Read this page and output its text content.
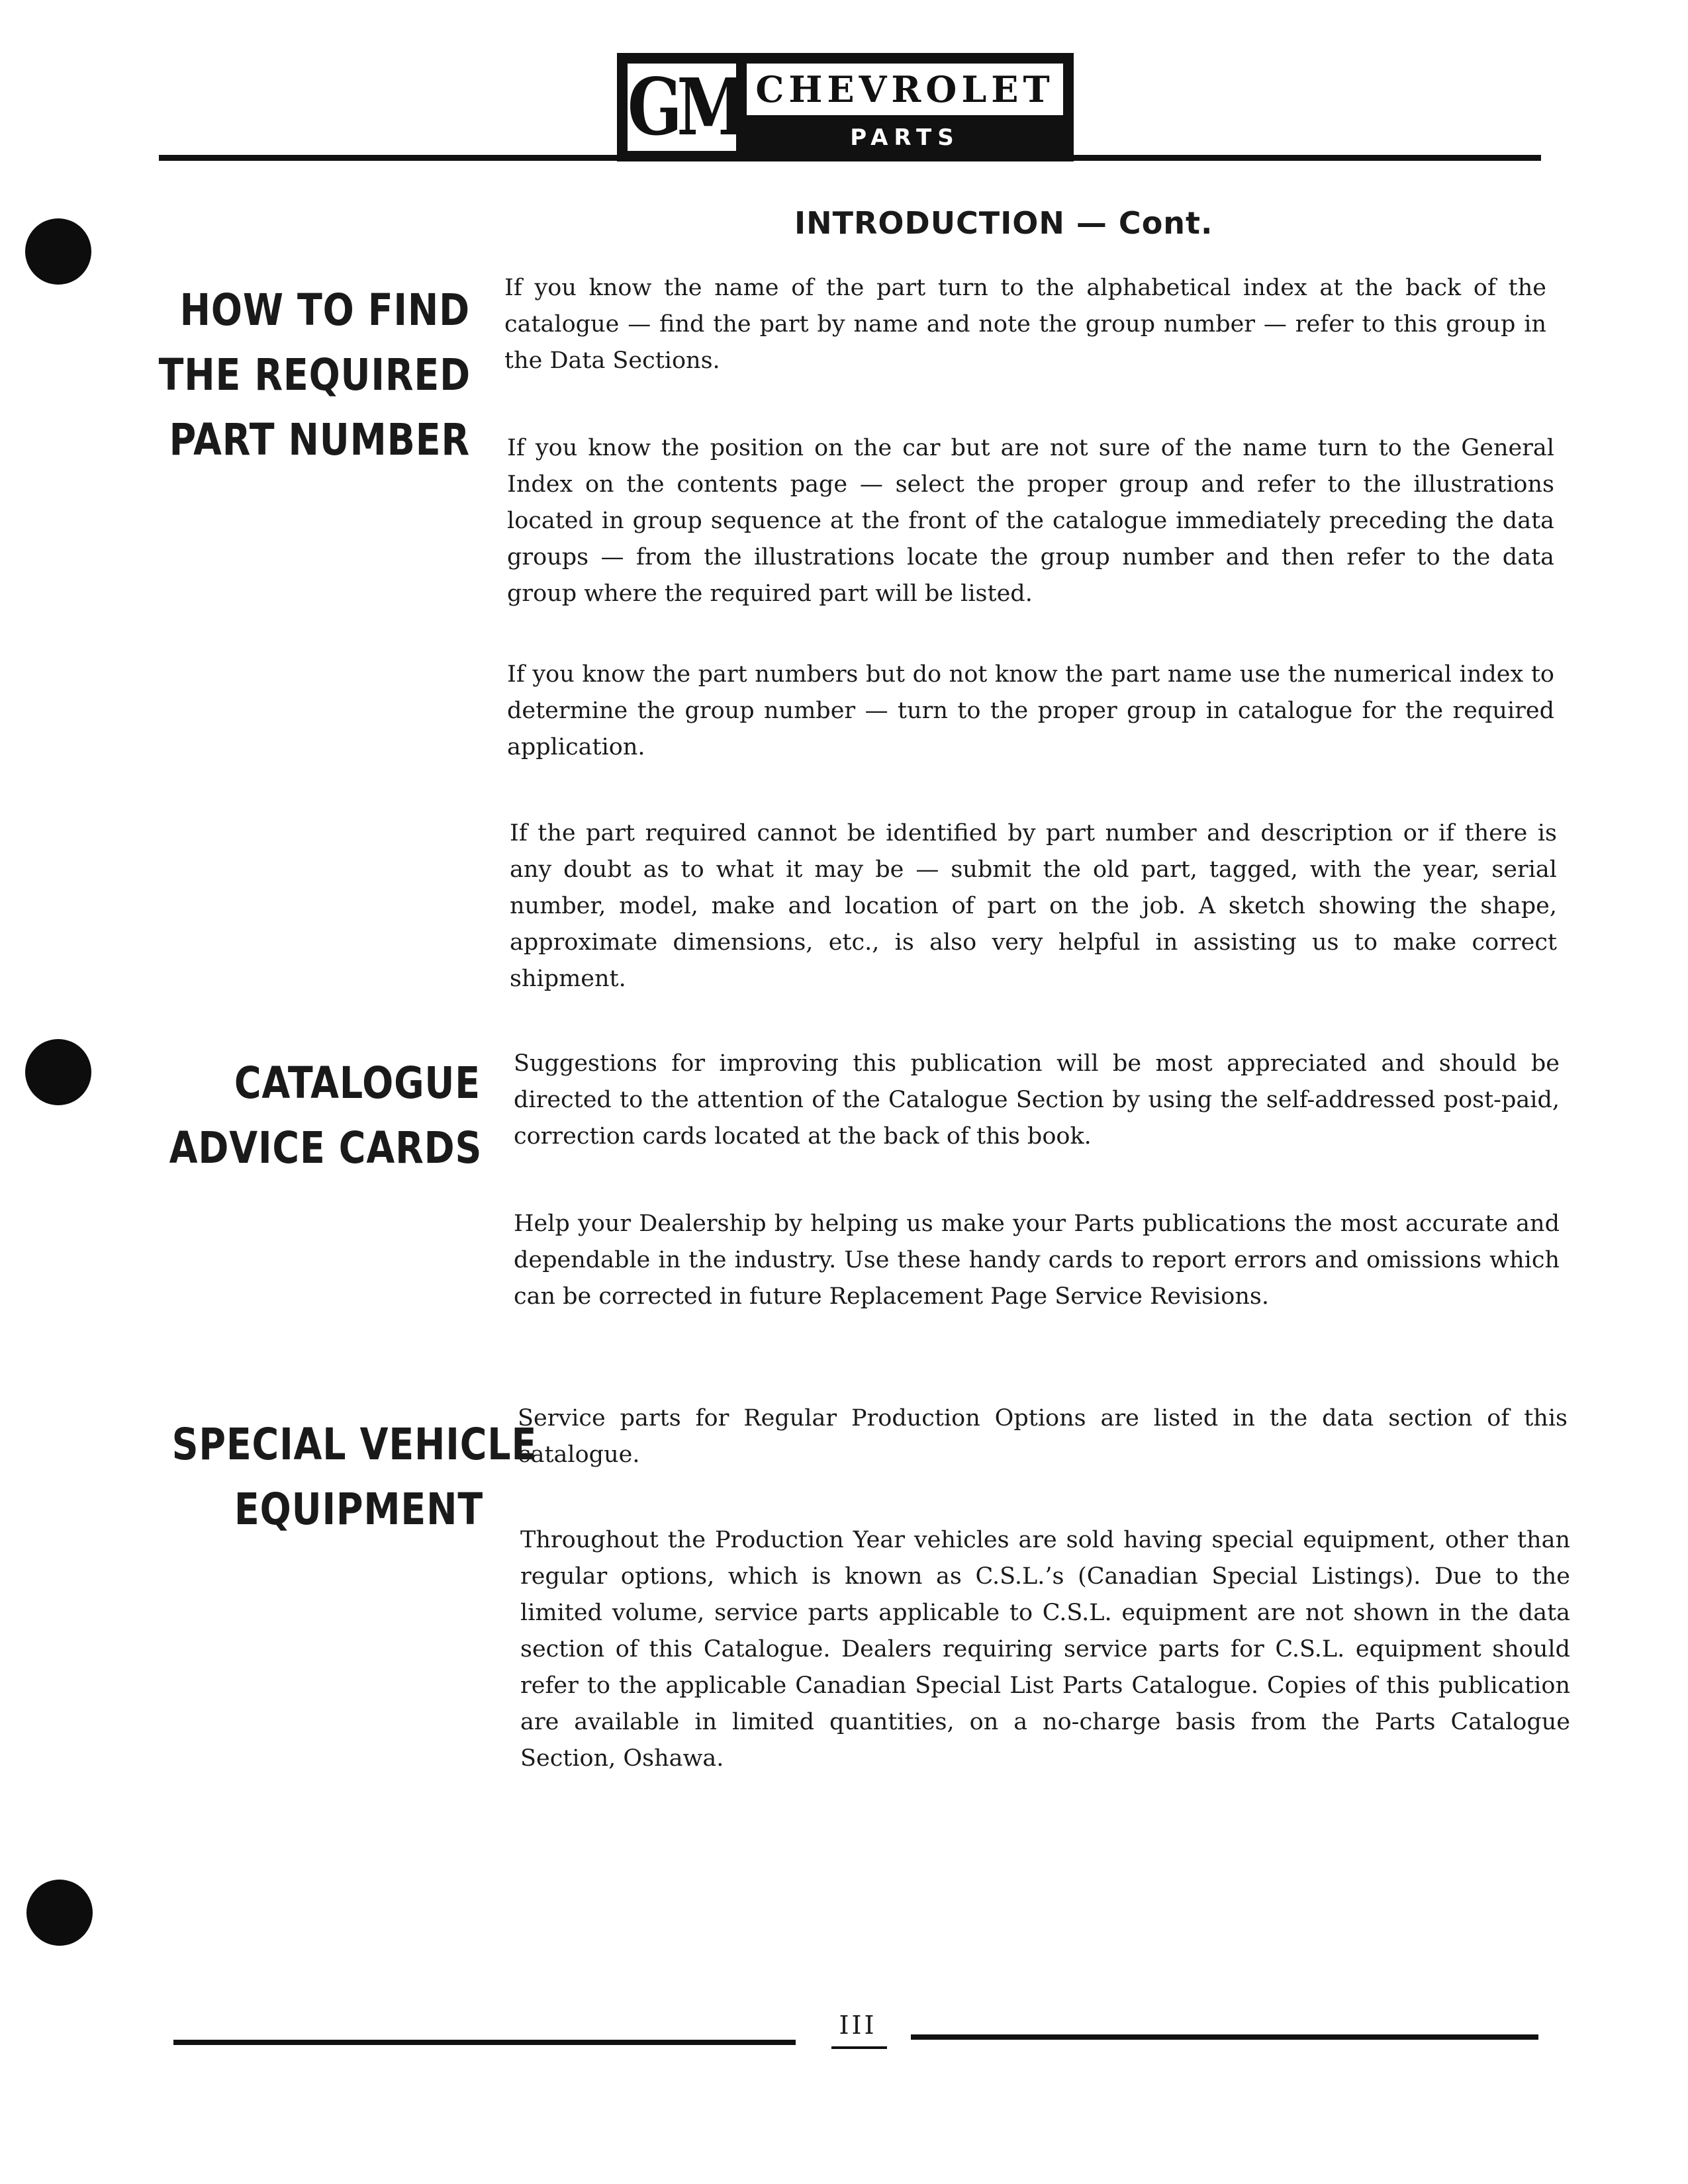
GM CHEVROLET
PARTS CATALOGUE
INTRODUCTION — Cont.
HOW TO FIND
THE REQUIRED
PART NUMBER

If you know the name of the part turn to the alphabetical index at the back of the catalogue — find the part by name and note the group number — refer to this group in the Data Sections.

If you know the position on the car but are not sure of the name turn to the General Index on the contents page — select the proper group and refer to the illustrations located in group sequence at the front of the catalogue immediately preceding the data groups — from the illustrations locate the group number and then refer to the data group where the required part will be listed.

If you know the part numbers but do not know the part name use the numerical index to determine the group number — turn to the proper group in catalogue for the required application.

If the part required cannot be identified by part number and description or if there is any doubt as to what it may be — submit the old part, tagged, with the year, serial number, model, make and location of part on the job. A sketch showing the shape, approximate dimensions, etc., is also very helpful in assisting us to make correct shipment.

CATALOGUE
ADVICE CARDS

Suggestions for improving this publication will be most appreciated and should be directed to the attention of the Catalogue Section by using the self-addressed post-paid, correction cards located at the back of this book.

Help your Dealership by helping us make your Parts publications the most accurate and dependable in the industry. Use these handy cards to report errors and omissions which can be corrected in future Replacement Page Service Revisions.

SPECIAL VEHICLE
EQUIPMENT

Service parts for Regular Production Options are listed in the data section of this catalogue.

Throughout the Production Year vehicles are sold having special equipment, other than regular options, which is known as C.S.L.’s (Canadian Special Listings). Due to the limited volume, service parts applicable to C.S.L. equipment are not shown in the data section of this Catalogue. Dealers requiring service parts for C.S.L. equipment should refer to the applicable Canadian Special List Parts Catalogue. Copies of this publication are available in limited quantities, on a no-charge basis from the Parts Catalogue Section, Oshawa.

III
